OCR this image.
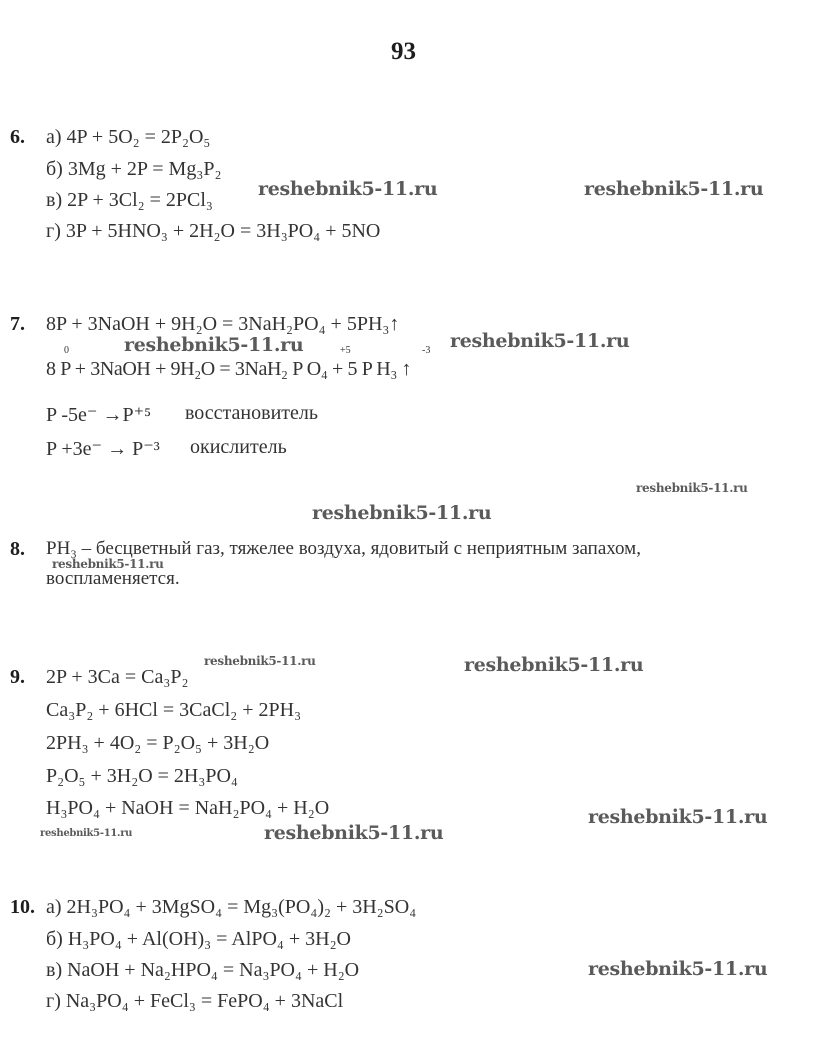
93
6. а) 4P + 5O₂ = 2P₂O₅
б) 3Mg + 2P = Mg₃P₂
в) 2P + 3Cl₂ = 2PCl₃
г) 3P + 5HNO₃ + 2H₂O = 3H₃PO₄ + 5NO
7. 8P + 3NaOH + 9H₂O = 3NaH₂PO₄ + 5PH₃↑
0	+5	-3
8 P + 3NaOH + 9H₂O = 3NaH₂ P O₄ + 5 P H₃ ↑
P -5e⁻ →P⁺⁵ восстановитель
P +3e⁻ → P⁻³ окислитель
8. PH₃ – бесцветный газ, тяжелее воздуха, ядовитый с неприятным запахом,
воспламеняется.
9. 2P + 3Ca = Ca₃P₂
Ca₃P₂ + 6HCl = 3CaCl₂ + 2PH₃
2PH₃ + 4O₂ = P₂O₅ + 3H₂O
P₂O₅ + 3H₂O = 2H₃PO₄
H₃PO₄ + NaOH = NaH₂PO₄ + H₂O
10. а) 2H₃PO₄ + 3MgSO₄ = Mg₃(PO₄)₂ + 3H₂SO₄
б) H₃PO₄ + Al(OH)₃ = AlPO₄ + 3H₂O
в) NaOH + Na₂HPO₄ = Na₃PO₄ + H₂O
г) Na₃PO₄ + FeCl₃ = FePO₄ + 3NaCl
reshebnik5-11.ru	reshebnik5-11.ru
reshebnik5-11.ru	reshebnik5-11.ru
reshebnik5-11.ru
reshebnik5-11.ru
reshebnik5-11.ru
reshebnik5-11.ru	reshebnik5-11.ru
reshebnik5-11.ru
reshebnik5-11.ru	reshebnik5-11.ru
reshebnik5-11.ru
